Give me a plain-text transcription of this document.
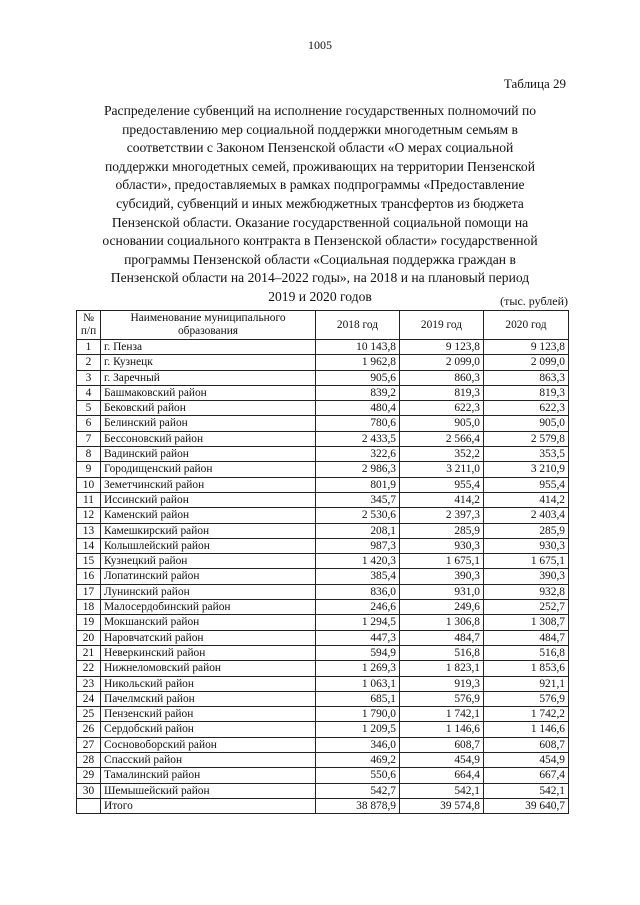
1005
Таблица 29
Распределение субвенций на исполнение государственных полномочий по
предоставлению мер социальной поддержки многодетным семьям в
соответствии с Законом Пензенской области «О мерах социальной
поддержки многодетных семей, проживающих на территории Пензенской
области», предоставляемых в рамках подпрограммы «Предоставление
субсидий, субвенций и иных межбюджетных трансфертов из бюджета
Пензенской области. Оказание государственной социальной помощи на
основании социального контракта в Пензенской области» государственной
программы Пензенской области «Социальная поддержка граждан в
Пензенской области на 2014–2022 годы», на 2018 и на плановый период
2019 и 2020 годов	(тыс. рублей)
№ п/п	Наименование муниципального образования	2018 год	2019 год	2020 год
1	г. Пенза	10 143,8	9 123,8	9 123,8
2	г. Кузнецк	1 962,8	2 099,0	2 099,0
3	г. Заречный	905,6	860,3	863,3
4	Башмаковский район	839,2	819,3	819,3
5	Бековский район	480,4	622,3	622,3
6	Белинский район	780,6	905,0	905,0
7	Бессоновский район	2 433,5	2 566,4	2 579,8
8	Вадинский район	322,6	352,2	353,5
9	Городищенский район	2 986,3	3 211,0	3 210,9
10	Земетчинский район	801,9	955,4	955,4
11	Иссинский район	345,7	414,2	414,2
12	Каменский район	2 530,6	2 397,3	2 403,4
13	Камешкирский район	208,1	285,9	285,9
14	Колышлейский район	987,3	930,3	930,3
15	Кузнецкий район	1 420,3	1 675,1	1 675,1
16	Лопатинский район	385,4	390,3	390,3
17	Лунинский район	836,0	931,0	932,8
18	Малосердобинский район	246,6	249,6	252,7
19	Мокшанский район	1 294,5	1 306,8	1 308,7
20	Наровчатский район	447,3	484,7	484,7
21	Неверкинский район	594,9	516,8	516,8
22	Нижнеломовский район	1 269,3	1 823,1	1 853,6
23	Никольский район	1 063,1	919,3	921,1
24	Пачелмский район	685,1	576,9	576,9
25	Пензенский район	1 790,0	1 742,1	1 742,2
26	Сердобский район	1 209,5	1 146,6	1 146,6
27	Сосновоборский район	346,0	608,7	608,7
28	Спасский район	469,2	454,9	454,9
29	Тамалинский район	550,6	664,4	667,4
30	Шемышейский район	542,7	542,1	542,1
	Итого	38 878,9	39 574,8	39 640,7
